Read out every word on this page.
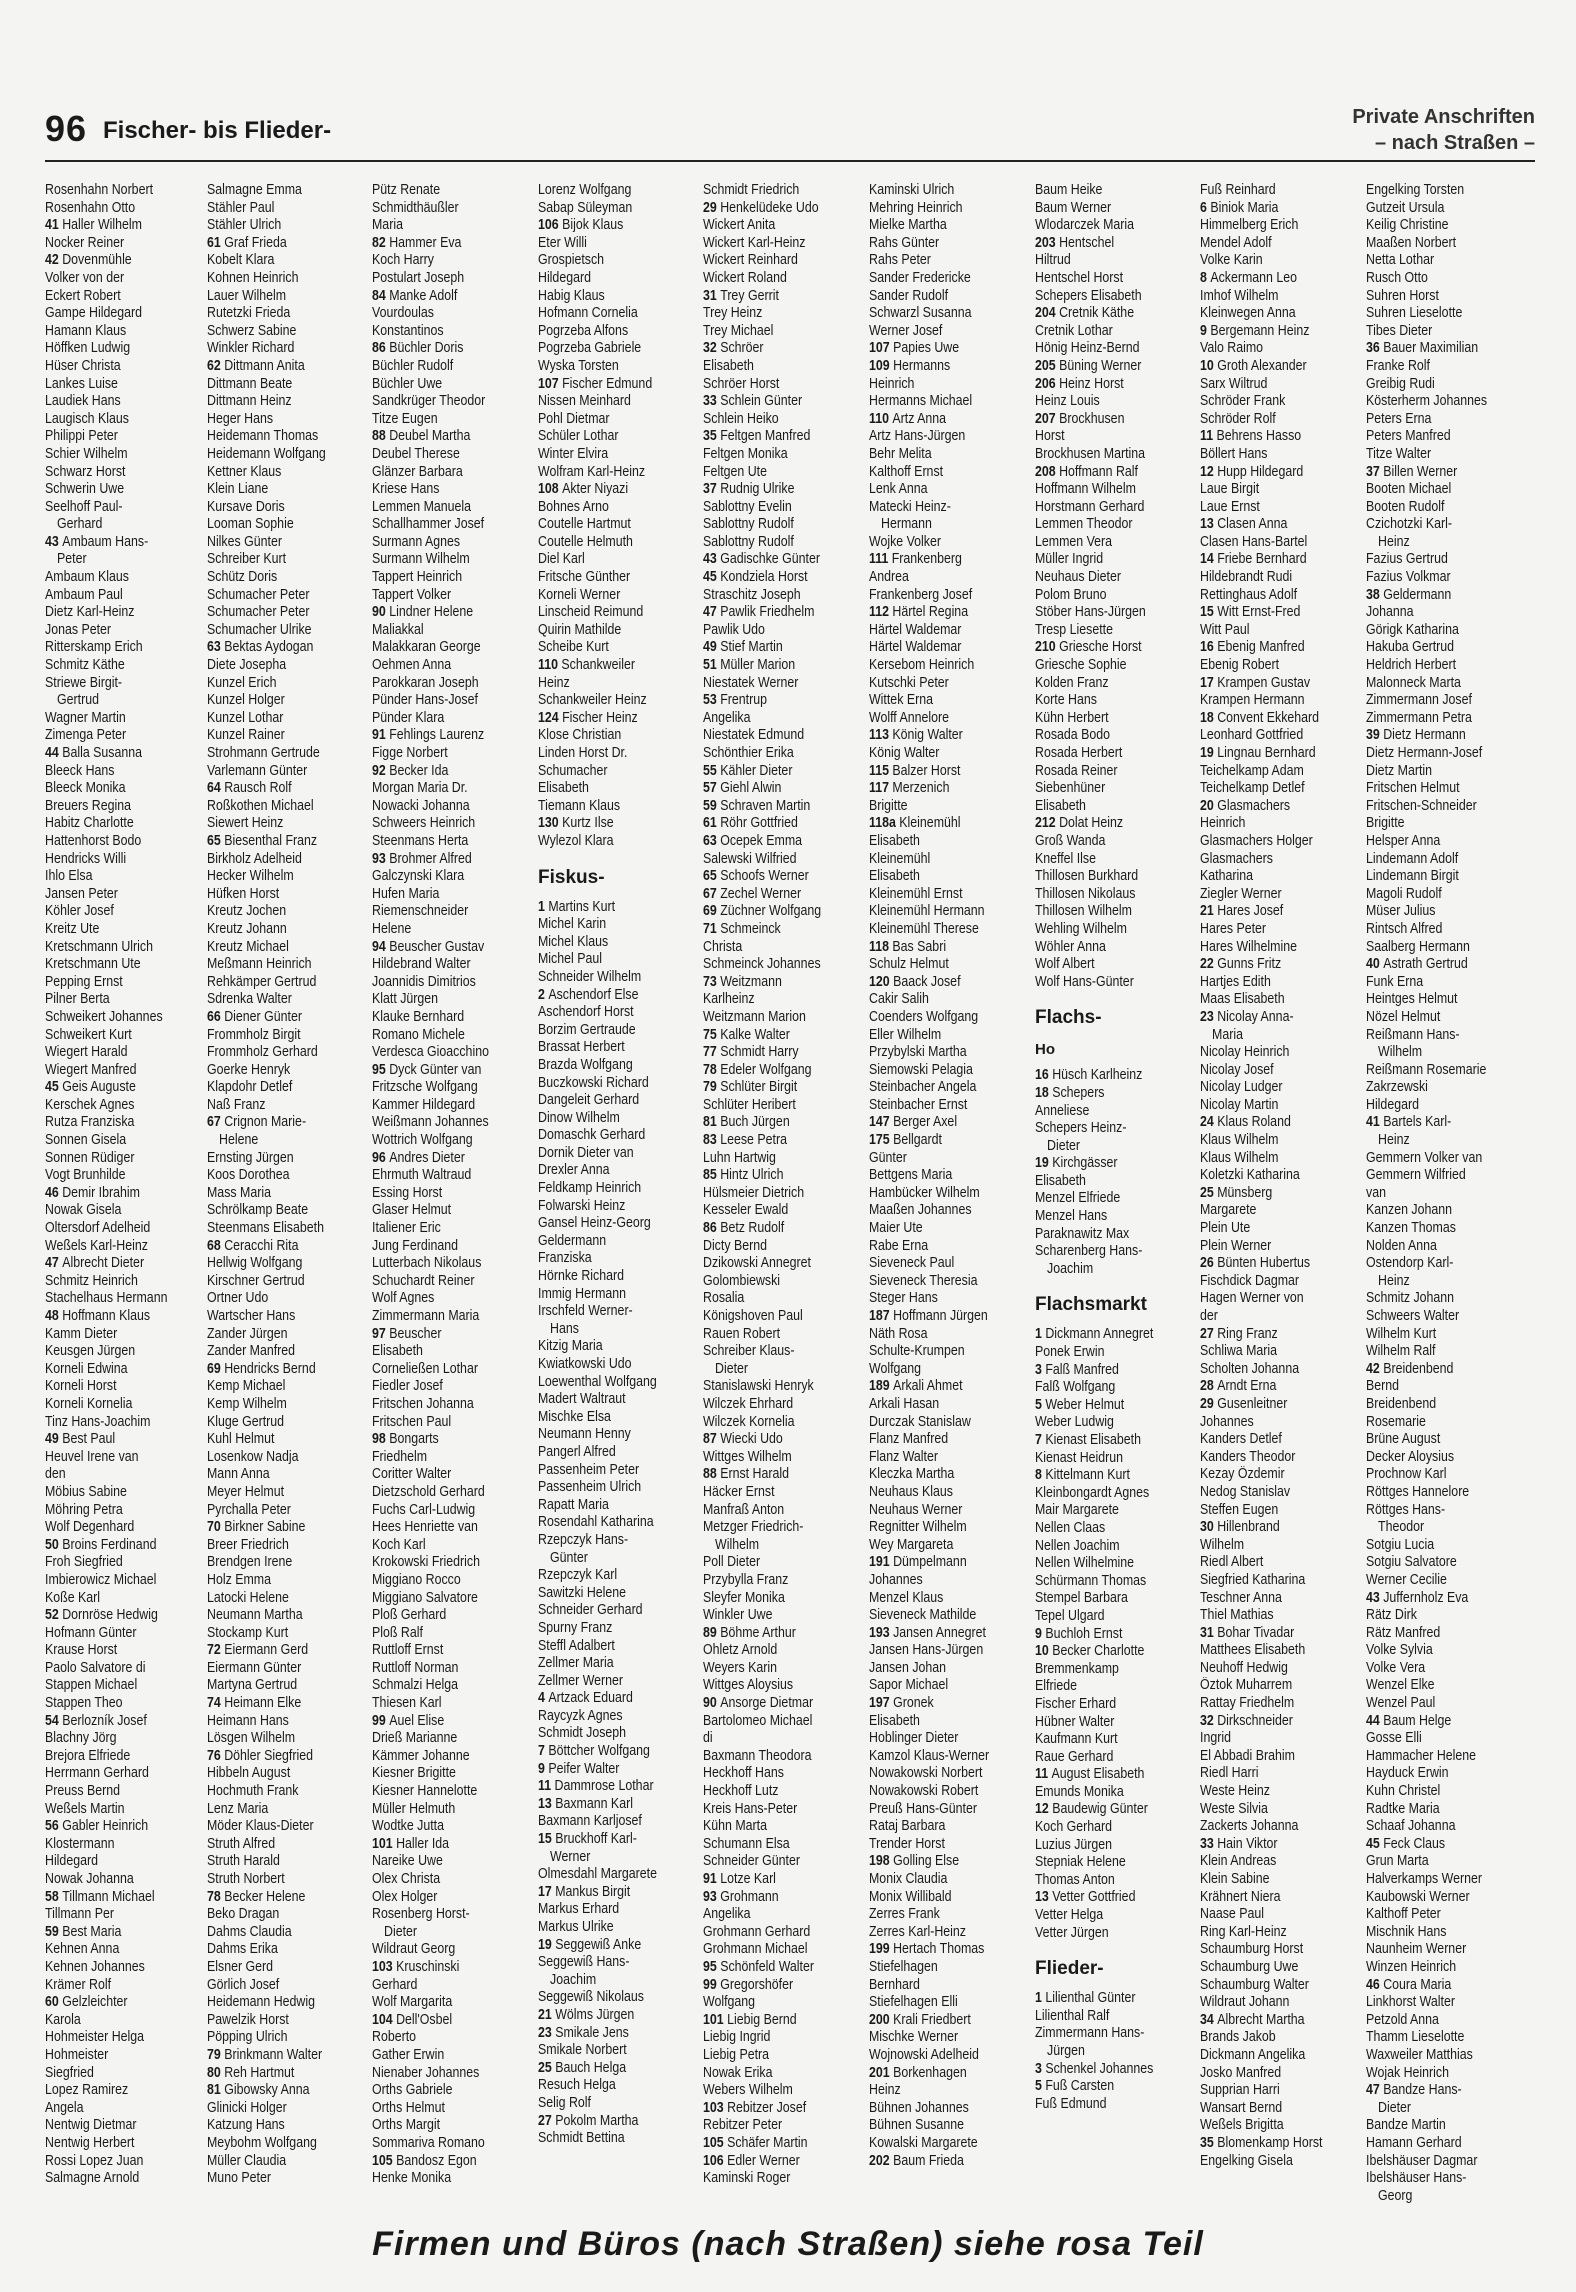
96 Fischer- bis Flieder-	Private Anschriften
– nach Straßen –
Rosenhahn Norbert
Rosenhahn Otto
41 Haller Wilhelm
Nocker Reiner
42 Dovenmühle
Volker von der
Eckert Robert
Gampe Hildegard
Hamann Klaus
Höffken Ludwig
Hüser Christa
Lankes Luise
Laudiek Hans
Laugisch Klaus
Philippi Peter
Schier Wilhelm
Schwarz Horst
Schwerin Uwe
Seelhoff Paul-
Gerhard
43 Ambaum Hans-
Peter
Ambaum Klaus
Ambaum Paul
Dietz Karl-Heinz
Jonas Peter
Ritterskamp Erich
Schmitz Käthe
Striewe Birgit-
Gertrud
Wagner Martin
Zimenga Peter
44 Balla Susanna
Bleeck Hans
Bleeck Monika
Breuers Regina
Habitz Charlotte
Hattenhorst Bodo
Hendricks Willi
Ihlo Elsa
Jansen Peter
Köhler Josef
Kreitz Ute
Kretschmann Ulrich
Kretschmann Ute
Pepping Ernst
Pilner Berta
Schweikert Johannes
Schweikert Kurt
Wiegert Harald
Wiegert Manfred
45 Geis Auguste
Kerschek Agnes
Rutza Franziska
Sonnen Gisela
Sonnen Rüdiger
Vogt Brunhilde
46 Demir Ibrahim
Nowak Gisela
Oltersdorf Adelheid
Weßels Karl-Heinz
47 Albrecht Dieter
Schmitz Heinrich
Stachelhaus Hermann
48 Hoffmann Klaus
Kamm Dieter
Keusgen Jürgen
Korneli Edwina
Korneli Horst
Korneli Kornelia
Tinz Hans-Joachim
49 Best Paul
Heuvel Irene van
den
Möbius Sabine
Möhring Petra
Wolf Degenhard
50 Broins Ferdinand
Froh Siegfried
Imbierowicz Michael
Koße Karl
52 Dornröse Hedwig
Hofmann Günter
Krause Horst
Paolo Salvatore di
Stappen Michael
Stappen Theo
54 Berlozník Josef
Blachny Jörg
Brejora Elfriede
Herrmann Gerhard
Preuss Bernd
Weßels Martin
56 Gabler Heinrich
Klostermann
Hildegard
Nowak Johanna
58 Tillmann Michael
Tillmann Per
59 Best Maria
Kehnen Anna
Kehnen Johannes
Krämer Rolf
60 Gelzleichter
Karola
Hohmeister Helga
Hohmeister
Siegfried
Lopez Ramirez
Angela
Nentwig Dietmar
Nentwig Herbert
Rossi Lopez Juan
Salmagne Arnold
Salmagne Emma
Stähler Paul
Stähler Ulrich
61 Graf Frieda
Kobelt Klara
Kohnen Heinrich
Lauer Wilhelm
Rutetzki Frieda
Schwerz Sabine
Winkler Richard
62 Dittmann Anita
Dittmann Beate
Dittmann Heinz
Heger Hans
Heidemann Thomas
Heidemann Wolfgang
Kettner Klaus
Klein Liane
Kursave Doris
Looman Sophie
Nilkes Günter
Schreiber Kurt
Schütz Doris
Schumacher Peter
Schumacher Peter
Schumacher Ulrike
63 Bektas Aydogan
Diete Josepha
Kunzel Erich
Kunzel Holger
Kunzel Lothar
Kunzel Rainer
Strohmann Gertrude
Varlemann Günter
64 Rausch Rolf
Roßkothen Michael
Siewert Heinz
65 Biesenthal Franz
Birkholz Adelheid
Hecker Wilhelm
Hüfken Horst
Kreutz Jochen
Kreutz Johann
Kreutz Michael
Meßmann Heinrich
Rehkämper Gertrud
Sdrenka Walter
66 Diener Günter
Frommholz Birgit
Frommholz Gerhard
Goerke Henryk
Klapdohr Detlef
Naß Franz
67 Crignon Marie-
Helene
Ernsting Jürgen
Koos Dorothea
Mass Maria
Schrölkamp Beate
Steenmans Elisabeth
68 Ceracchi Rita
Hellwig Wolfgang
Kirschner Gertrud
Ortner Udo
Wartscher Hans
Zander Jürgen
Zander Manfred
69 Hendricks Bernd
Kemp Michael
Kemp Wilhelm
Kluge Gertrud
Kuhl Helmut
Losenkow Nadja
Mann Anna
Meyer Helmut
Pyrchalla Peter
70 Birkner Sabine
Breer Friedrich
Brendgen Irene
Holz Emma
Latocki Helene
Neumann Martha
Stockamp Kurt
72 Eiermann Gerd
Eiermann Günter
Martyna Gertrud
74 Heimann Elke
Heimann Hans
Lösgen Wilhelm
76 Döhler Siegfried
Hibbeln August
Hochmuth Frank
Lenz Maria
Möder Klaus-Dieter
Struth Alfred
Struth Harald
Struth Norbert
78 Becker Helene
Beko Dragan
Dahms Claudia
Dahms Erika
Elsner Gerd
Görlich Josef
Heidemann Hedwig
Pawelzik Horst
Pöpping Ulrich
79 Brinkmann Walter
80 Reh Hartmut
81 Gibowsky Anna
Glinicki Holger
Katzung Hans
Meybohm Wolfgang
Müller Claudia
Muno Peter
Pütz Renate
Schmidthäußler
Maria
82 Hammer Eva
Koch Harry
Postulart Joseph
84 Manke Adolf
Vourdoulas
Konstantinos
86 Büchler Doris
Büchler Rudolf
Büchler Uwe
Sandkrüger Theodor
Titze Eugen
88 Deubel Martha
Deubel Therese
Glänzer Barbara
Kriese Hans
Lemmen Manuela
Schallhammer Josef
Surmann Agnes
Surmann Wilhelm
Tappert Heinrich
Tappert Volker
90 Lindner Helene
Maliakkal
Malakkaran George
Oehmen Anna
Parokkaran Joseph
Pünder Hans-Josef
Pünder Klara
91 Fehlings Laurenz
Figge Norbert
92 Becker Ida
Morgan Maria Dr.
Nowacki Johanna
Schweers Heinrich
Steenmans Herta
93 Brohmer Alfred
Galczynski Klara
Hufen Maria
Riemenschneider
Helene
94 Beuscher Gustav
Hildebrand Walter
Joannidis Dimitrios
Klatt Jürgen
Klauke Bernhard
Romano Michele
Verdesca Gioacchino
95 Dyck Günter van
Fritzsche Wolfgang
Kammer Hildegard
Weißmann Johannes
Wottrich Wolfgang
96 Andres Dieter
Ehrmuth Waltraud
Essing Horst
Glaser Helmut
Italiener Eric
Jung Ferdinand
Lutterbach Nikolaus
Schuchardt Reiner
Wolf Agnes
Zimmermann Maria
97 Beuscher
Elisabeth
Corneließen Lothar
Fiedler Josef
Fritschen Johanna
Fritschen Paul
98 Bongarts
Friedhelm
Coritter Walter
Dietzschold Gerhard
Fuchs Carl-Ludwig
Hees Henriette van
Koch Karl
Krokowski Friedrich
Miggiano Rocco
Miggiano Salvatore
Ploß Gerhard
Ploß Ralf
Ruttloff Ernst
Ruttloff Norman
Schmalzi Helga
Thiesen Karl
99 Auel Elise
Drieß Marianne
Kämmer Johanne
Kiesner Brigitte
Kiesner Hannelotte
Müller Helmuth
Wodtke Jutta
101 Haller Ida
Nareike Uwe
Olex Christa
Olex Holger
Rosenberg Horst-
Dieter
Wildraut Georg
103 Kruschinski
Gerhard
Wolf Margarita
104 Dell'Osbel
Roberto
Gather Erwin
Nienaber Johannes
Orths Gabriele
Orths Helmut
Orths Margit
Sommariva Romano
105 Bandosz Egon
Henke Monika
Lorenz Wolfgang
Sabap Süleyman
106 Bijok Klaus
Eter Willi
Grospietsch
Hildegard
Habig Klaus
Hofmann Cornelia
Pogrzeba Alfons
Pogrzeba Gabriele
Wyska Torsten
107 Fischer Edmund
Nissen Meinhard
Pohl Dietmar
Schüler Lothar
Winter Elvira
Wolfram Karl-Heinz
108 Akter Niyazi
Bohnes Arno
Coutelle Hartmut
Coutelle Helmuth
Diel Karl
Fritsche Günther
Korneli Werner
Linscheid Reimund
Quirin Mathilde
Scheibe Kurt
110 Schankweiler
Heinz
Schankweiler Heinz
124 Fischer Heinz
Klose Christian
Linden Horst Dr.
Schumacher
Elisabeth
Tiemann Klaus
130 Kurtz Ilse
Wylezol Klara
Fiskus-
1 Martins Kurt
Michel Karin
Michel Klaus
Michel Paul
Schneider Wilhelm
2 Aschendorf Else
Aschendorf Horst
Borzim Gertraude
Brassat Herbert
Brazda Wolfgang
Buczkowski Richard
Dangeleit Gerhard
Dinow Wilhelm
Domaschk Gerhard
Dornik Dieter van
Drexler Anna
Feldkamp Heinrich
Folwarski Heinz
Gansel Heinz-Georg
Geldermann
Franziska
Hörnke Richard
Immig Hermann
Irschfeld Werner-
Hans
Kitzig Maria
Kwiatkowski Udo
Loewenthal Wolfgang
Madert Waltraut
Mischke Elsa
Neumann Henny
Pangerl Alfred
Passenheim Peter
Passenheim Ulrich
Rapatt Maria
Rosendahl Katharina
Rzepczyk Hans-
Günter
Rzepczyk Karl
Sawitzki Helene
Schneider Gerhard
Spurny Franz
Steffl Adalbert
Zellmer Maria
Zellmer Werner
4 Artzack Eduard
Raycyzk Agnes
Schmidt Joseph
7 Böttcher Wolfgang
9 Peifer Walter
11 Dammrose Lothar
13 Baxmann Karl
Baxmann Karljosef
15 Bruckhoff Karl-
Werner
Olmesdahl Margarete
17 Mankus Birgit
Markus Erhard
Markus Ulrike
19 Seggewiß Anke
Seggewiß Hans-
Joachim
Seggewiß Nikolaus
21 Wölms Jürgen
23 Smikale Jens
Smikale Norbert
25 Bauch Helga
Resuch Helga
Selig Rolf
27 Pokolm Martha
Schmidt Bettina
Schmidt Friedrich
29 Henkelüdeke Udo
Wickert Anita
Wickert Karl-Heinz
Wickert Reinhard
Wickert Roland
31 Trey Gerrit
Trey Heinz
Trey Michael
32 Schröer
Elisabeth
Schröer Horst
33 Schlein Günter
Schlein Heiko
35 Feltgen Manfred
Feltgen Monika
Feltgen Ute
37 Rudnig Ulrike
Sablottny Evelin
Sablottny Rudolf
Sablottny Rudolf
43 Gadischke Günter
45 Kondziela Horst
Straschitz Joseph
47 Pawlik Friedhelm
Pawlik Udo
49 Stief Martin
51 Müller Marion
Niestatek Werner
53 Frentrup
Angelika
Niestatek Edmund
Schönthier Erika
55 Kähler Dieter
57 Giehl Alwin
59 Schraven Martin
61 Röhr Gottfried
63 Ocepek Emma
Salewski Wilfried
65 Schoofs Werner
67 Zechel Werner
69 Züchner Wolfgang
71 Schmeinck
Christa
Schmeinck Johannes
73 Weitzmann
Karlheinz
Weitzmann Marion
75 Kalke Walter
77 Schmidt Harry
78 Edeler Wolfgang
79 Schlüter Birgit
Schlüter Heribert
81 Buch Jürgen
83 Leese Petra
Luhn Hartwig
85 Hintz Ulrich
Hülsmeier Dietrich
Kesseler Ewald
86 Betz Rudolf
Dicty Bernd
Dzikowski Annegret
Golombiewski
Rosalia
Königshoven Paul
Rauen Robert
Schreiber Klaus-
Dieter
Stanislawski Henryk
Wilczek Ehrhard
Wilczek Kornelia
87 Wiecki Udo
Wittges Wilhelm
88 Ernst Harald
Häcker Ernst
Manfraß Anton
Metzger Friedrich-
Wilhelm
Poll Dieter
Przybylla Franz
Sleyfer Monika
Winkler Uwe
89 Böhme Arthur
Ohletz Arnold
Weyers Karin
Wittges Aloysius
90 Ansorge Dietmar
Bartolomeo Michael
di
Baxmann Theodora
Heckhoff Hans
Heckhoff Lutz
Kreis Hans-Peter
Kühn Marta
Schumann Elsa
Schneider Günter
91 Lotze Karl
93 Grohmann
Angelika
Grohmann Gerhard
Grohmann Michael
95 Schönfeld Walter
99 Gregorshöfer
Wolfgang
101 Liebig Bernd
Liebig Ingrid
Liebig Petra
Nowak Erika
Webers Wilhelm
103 Rebitzer Josef
Rebitzer Peter
105 Schäfer Martin
106 Edler Werner
Kaminski Roger
Kaminski Ulrich
Mehring Heinrich
Mielke Martha
Rahs Günter
Rahs Peter
Sander Fredericke
Sander Rudolf
Schwarzl Susanna
Werner Josef
107 Papies Uwe
109 Hermanns
Heinrich
Hermanns Michael
110 Artz Anna
Artz Hans-Jürgen
Behr Melita
Kalthoff Ernst
Lenk Anna
Matecki Heinz-
Hermann
Wojke Volker
111 Frankenberg
Andrea
Frankenberg Josef
112 Härtel Regina
Härtel Waldemar
Härtel Waldemar
Kersebom Heinrich
Kutschki Peter
Wittek Erna
Wolff Annelore
113 König Walter
König Walter
115 Balzer Horst
117 Merzenich
Brigitte
118a Kleinemühl
Elisabeth
Kleinemühl
Elisabeth
Kleinemühl Ernst
Kleinemühl Hermann
Kleinemühl Therese
118 Bas Sabri
Schulz Helmut
120 Baack Josef
Cakir Salih
Coenders Wolfgang
Eller Wilhelm
Przybylski Martha
Siemowski Pelagia
Steinbacher Angela
Steinbacher Ernst
147 Berger Axel
175 Bellgardt
Günter
Bettgens Maria
Hambücker Wilhelm
Maaßen Johannes
Maier Ute
Rabe Erna
Sieveneck Paul
Sieveneck Theresia
Steger Hans
187 Hoffmann Jürgen
Näth Rosa
Schulte-Krumpen
Wolfgang
189 Arkali Ahmet
Arkali Hasan
Durczak Stanislaw
Flanz Manfred
Flanz Walter
Kleczka Martha
Neuhaus Klaus
Neuhaus Werner
Regnitter Wilhelm
Wey Margareta
191 Dümpelmann
Johannes
Menzel Klaus
Sieveneck Mathilde
193 Jansen Annegret
Jansen Hans-Jürgen
Jansen Johan
Sapor Michael
197 Gronek
Elisabeth
Hoblinger Dieter
Kamzol Klaus-Werner
Nowakowski Norbert
Nowakowski Robert
Preuß Hans-Günter
Rataj Barbara
Trender Horst
198 Golling Else
Monix Claudia
Monix Willibald
Zerres Frank
Zerres Karl-Heinz
199 Hertach Thomas
Stiefelhagen
Bernhard
Stiefelhagen Elli
200 Krali Friedbert
Mischke Werner
Wojnowski Adelheid
201 Borkenhagen
Heinz
Bühnen Johannes
Bühnen Susanne
Kowalski Margarete
202 Baum Frieda
Baum Heike
Baum Werner
Wlodarczek Maria
203 Hentschel
Hiltrud
Hentschel Horst
Schepers Elisabeth
204 Cretnik Käthe
Cretnik Lothar
Hönig Heinz-Bernd
205 Büning Werner
206 Heinz Horst
Heinz Louis
207 Brockhusen
Horst
Brockhusen Martina
208 Hoffmann Ralf
Hoffmann Wilhelm
Horstmann Gerhard
Lemmen Theodor
Lemmen Vera
Müller Ingrid
Neuhaus Dieter
Polom Bruno
Stöber Hans-Jürgen
Tresp Liesette
210 Griesche Horst
Griesche Sophie
Kolden Franz
Korte Hans
Kühn Herbert
Rosada Bodo
Rosada Herbert
Rosada Reiner
Siebenhüner
Elisabeth
212 Dolat Heinz
Groß Wanda
Kneffel Ilse
Thillosen Burkhard
Thillosen Nikolaus
Thillosen Wilhelm
Wehling Wilhelm
Wöhler Anna
Wolf Albert
Wolf Hans-Günter
Flachs-
Ho
16 Hüsch Karlheinz
18 Schepers
Anneliese
Schepers Heinz-
Dieter
19 Kirchgässer
Elisabeth
Menzel Elfriede
Menzel Hans
Paraknawitz Max
Scharenberg Hans-
Joachim
Flachsmarkt
1 Dickmann Annegret
Ponek Erwin
3 Falß Manfred
Falß Wolfgang
5 Weber Helmut
Weber Ludwig
7 Kienast Elisabeth
Kienast Heidrun
8 Kittelmann Kurt
Kleinbongardt Agnes
Mair Margarete
Nellen Claas
Nellen Joachim
Nellen Wilhelmine
Schürmann Thomas
Stempel Barbara
Tepel Ulgard
9 Buchloh Ernst
10 Becker Charlotte
Bremmenkamp
Elfriede
Fischer Erhard
Hübner Walter
Kaufmann Kurt
Raue Gerhard
11 August Elisabeth
Emunds Monika
12 Baudewig Günter
Koch Gerhard
Luzius Jürgen
Stepniak Helene
Thomas Anton
13 Vetter Gottfried
Vetter Helga
Vetter Jürgen
Flieder-
1 Lilienthal Günter
Lilienthal Ralf
Zimmermann Hans-
Jürgen
3 Schenkel Johannes
5 Fuß Carsten
Fuß Edmund
Fuß Reinhard
6 Biniok Maria
Himmelberg Erich
Mendel Adolf
Volke Karin
8 Ackermann Leo
Imhof Wilhelm
Kleinwegen Anna
9 Bergemann Heinz
Valo Raimo
10 Groth Alexander
Sarx Wiltrud
Schröder Frank
Schröder Rolf
11 Behrens Hasso
Böllert Hans
12 Hupp Hildegard
Laue Birgit
Laue Ernst
13 Clasen Anna
Clasen Hans-Bartel
14 Friebe Bernhard
Hildebrandt Rudi
Rettinghaus Adolf
15 Witt Ernst-Fred
Witt Paul
16 Ebenig Manfred
Ebenig Robert
17 Krampen Gustav
Krampen Hermann
18 Convent Ekkehard
Leonhard Gottfried
19 Lingnau Bernhard
Teichelkamp Adam
Teichelkamp Detlef
20 Glasmachers
Heinrich
Glasmachers Holger
Glasmachers
Katharina
Ziegler Werner
21 Hares Josef
Hares Peter
Hares Wilhelmine
22 Gunns Fritz
Hartjes Edith
Maas Elisabeth
23 Nicolay Anna-
Maria
Nicolay Heinrich
Nicolay Josef
Nicolay Ludger
Nicolay Martin
24 Klaus Roland
Klaus Wilhelm
Klaus Wilhelm
Koletzki Katharina
25 Münsberg
Margarete
Plein Ute
Plein Werner
26 Bünten Hubertus
Fischdick Dagmar
Hagen Werner von
der
27 Ring Franz
Schliwa Maria
Scholten Johanna
28 Arndt Erna
29 Gusenleitner
Johannes
Kanders Detlef
Kanders Theodor
Kezay Özdemir
Nedog Stanislav
Steffen Eugen
30 Hillenbrand
Wilhelm
Riedl Albert
Siegfried Katharina
Teschner Anna
Thiel Mathias
31 Bohar Tivadar
Matthees Elisabeth
Neuhoff Hedwig
Öztok Muharrem
Rattay Friedhelm
32 Dirkschneider
Ingrid
El Abbadi Brahim
Riedl Harri
Weste Heinz
Weste Silvia
Zackerts Johanna
33 Hain Viktor
Klein Andreas
Klein Sabine
Krähnert Niera
Naase Paul
Ring Karl-Heinz
Schaumburg Horst
Schaumburg Uwe
Schaumburg Walter
Wildraut Johann
34 Albrecht Martha
Brands Jakob
Dickmann Angelika
Josko Manfred
Supprian Harri
Wansart Bernd
Weßels Brigitta
35 Blomenkamp Horst
Engelking Gisela
Engelking Torsten
Gutzeit Ursula
Keilig Christine
Maaßen Norbert
Netta Lothar
Rusch Otto
Suhren Horst
Suhren Lieselotte
Tibes Dieter
36 Bauer Maximilian
Franke Rolf
Greibig Rudi
Kösterherm Johannes
Peters Erna
Peters Manfred
Titze Walter
37 Billen Werner
Booten Michael
Booten Rudolf
Czichotzki Karl-
Heinz
Fazius Gertrud
Fazius Volkmar
38 Geldermann
Johanna
Görigk Katharina
Hakuba Gertrud
Heldrich Herbert
Malonneck Marta
Zimmermann Josef
Zimmermann Petra
39 Dietz Hermann
Dietz Hermann-Josef
Dietz Martin
Fritschen Helmut
Fritschen-Schneider
Brigitte
Helsper Anna
Lindemann Adolf
Lindemann Birgit
Magoli Rudolf
Müser Julius
Rintsch Alfred
Saalberg Hermann
40 Astrath Gertrud
Funk Erna
Heintges Helmut
Nözel Helmut
Reißmann Hans-
Wilhelm
Reißmann Rosemarie
Zakrzewski
Hildegard
41 Bartels Karl-
Heinz
Gemmern Volker van
Gemmern Wilfried
van
Kanzen Johann
Kanzen Thomas
Nolden Anna
Ostendorp Karl-
Heinz
Schmitz Johann
Schweers Walter
Wilhelm Kurt
Wilhelm Ralf
42 Breidenbend
Bernd
Breidenbend
Rosemarie
Brüne August
Decker Aloysius
Prochnow Karl
Röttges Hannelore
Röttges Hans-
Theodor
Sotgiu Lucia
Sotgiu Salvatore
Werner Cecilie
43 Juffernholz Eva
Rätz Dirk
Rätz Manfred
Volke Sylvia
Volke Vera
Wenzel Elke
Wenzel Paul
44 Baum Helge
Gosse Elli
Hammacher Helene
Hayduck Erwin
Kuhn Christel
Radtke Maria
Schaaf Johanna
45 Feck Claus
Grun Marta
Halverkamps Werner
Kaubowski Werner
Kalthoff Peter
Mischnik Hans
Naunheim Werner
Winzen Heinrich
46 Coura Maria
Linkhorst Walter
Petzold Anna
Thamm Lieselotte
Waxweiler Matthias
Wojak Heinrich
47 Bandze Hans-
Dieter
Bandze Martin
Hamann Gerhard
Ibelshäuser Dagmar
Ibelshäuser Hans-
Georg
Firmen und Büros (nach Straßen) siehe rosa Teil
